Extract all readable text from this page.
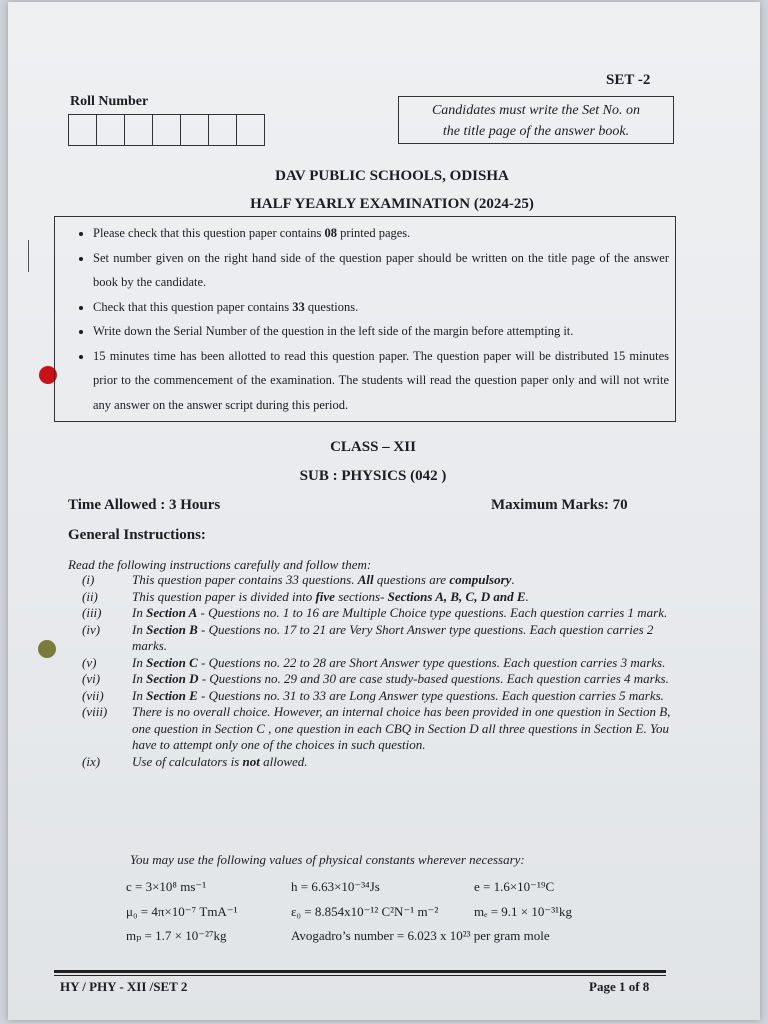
SET -2
Roll Number
Candidates must write the Set No. on
the title page of the answer book.
DAV PUBLIC SCHOOLS, ODISHA
HALF YEARLY EXAMINATION (2024-25)
• Please check that this question paper contains 08 printed pages.
• Set number given on the right hand side of the question paper should be written on the title page of the answer book by the candidate.
• Check that this question paper contains 33 questions.
• Write down the Serial Number of the question in the left side of the margin before attempting it.
• 15 minutes time has been allotted to read this question paper. The question paper will be distributed 15 minutes prior to the commencement of the examination. The students will read the question paper only and will not write any answer on the answer script during this period.
CLASS – XII
SUB : PHYSICS (042 )
Time Allowed : 3 Hours	Maximum Marks: 70
General Instructions:
Read the following instructions carefully and follow them:
(i)	This question paper contains 33 questions. All questions are compulsory.
(ii)	This question paper is divided into five sections- Sections A, B, C, D and E.
(iii)	In Section A - Questions no. 1 to 16 are Multiple Choice type questions. Each question carries 1 mark.
(iv)	In Section B - Questions no. 17 to 21 are Very Short Answer type questions. Each question carries 2 marks.
(v)	In Section C - Questions no. 22 to 28 are Short Answer type questions. Each question carries 3 marks.
(vi)	In Section D - Questions no. 29 and 30 are case study-based questions. Each question carries 4 marks.
(vii)	In Section E - Questions no. 31 to 33 are Long Answer type questions. Each question carries 5 marks.
(viii)	There is no overall choice. However, an internal choice has been provided in one question in Section B, one question in Section C , one question in each CBQ in Section D all three questions in Section E. You have to attempt only one of the choices in such question.
(ix)	Use of calculators is not allowed.
You may use the following values of physical constants wherever necessary:
c = 3×10⁸ ms⁻¹	h = 6.63×10⁻³⁴Js	e = 1.6×10⁻¹⁹C
μ₀ = 4π×10⁻⁷ TmA⁻¹	ε₀ = 8.854x10⁻¹² C²N⁻¹ m⁻²	mₑ = 9.1 × 10⁻³¹kg
mₚ = 1.7 × 10⁻²⁷kg	Avogadro’s number = 6.023 x 10²³ per gram mole
HY / PHY - XII /SET 2	Page 1 of 8
